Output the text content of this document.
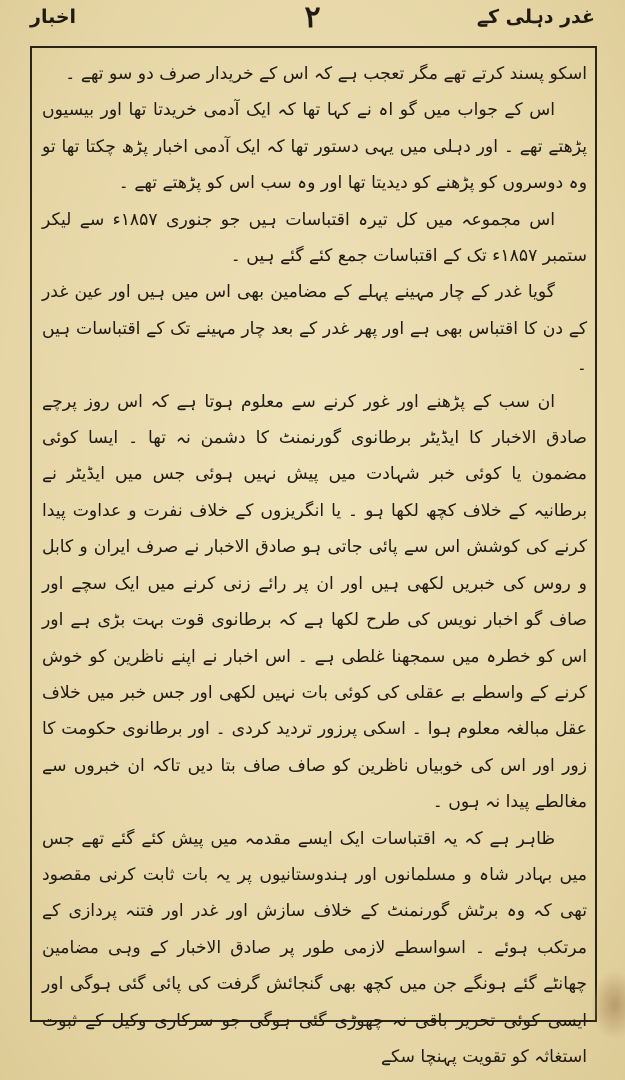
غدر دہلی کے
۲
اخبار

اسکو پسند کرتے تھے مگر تعجب ہے کہ اس کے خریدار صرف دو سو تھے ۔

اس کے جواب میں گو اہ نے کہا تھا کہ ایک آدمی خریدتا تھا اور بیسیوں پڑھتے تھے ۔ اور دہلی میں یہی دستور تھا کہ ایک آدمی اخبار پڑھ چکتا تھا تو وہ دوسروں کو پڑھنے کو دیدیتا تھا اور وہ سب اس کو پڑھتے تھے ۔

اس مجموعہ میں کل تیرہ اقتباسات ہیں جو جنوری ۱۸۵۷ء سے لیکر ستمبر ۱۸۵۷ء تک کے اقتباسات جمع کئے گئے ہیں ۔

گویا غدر کے چار مہینے پہلے کے مضامین بھی اس میں ہیں اور عین غدر کے دن کا اقتباس بھی ہے اور پھر غدر کے بعد چار مہینے تک کے اقتباسات ہیں ۔

ان سب کے پڑھنے اور غور کرنے سے معلوم ہوتا ہے کہ اس روز پرچے صادق الاخبار کا ایڈیٹر برطانوی گورنمنٹ کا دشمن نہ تھا ۔ ایسا کوئی مضمون یا کوئی خبر شہادت میں پیش نہیں ہوئی جس میں ایڈیٹر نے برطانیہ کے خلاف کچھ لکھا ہو ۔ یا انگریزوں کے خلاف نفرت و عداوت پیدا کرنے کی کوشش اس سے پائی جاتی ہو صادق الاخبار نے صرف ایران و کابل و روس کی خبریں لکھی ہیں اور ان پر رائے زنی کرنے میں ایک سچے اور صاف گو اخبار نویس کی طرح لکھا ہے کہ برطانوی قوت بہت بڑی ہے اور اس کو خطرہ میں سمجھنا غلطی ہے ۔ اس اخبار نے اپنے ناظرین کو خوش کرنے کے واسطے بے عقلی کی کوئی بات نہیں لکھی اور جس خبر میں خلاف عقل مبالغہ معلوم ہوا ۔ اسکی پرزور تردید کردی ۔ اور برطانوی حکومت کا زور اور اس کی خوبیاں ناظرین کو صاف صاف بتا دیں تاکہ ان خبروں سے مغالطے پیدا نہ ہوں ۔

ظاہر ہے کہ یہ اقتباسات ایک ایسے مقدمہ میں پیش کئے گئے تھے جس میں بہادر شاہ و مسلمانوں اور ہندوستانیوں پر یہ بات ثابت کرنی مقصود تھی کہ وہ برٹش گورنمنٹ کے خلاف سازش اور غدر اور فتنہ پردازی کے مرتکب ہوئے ۔ اسواسطے لازمی طور پر صادق الاخبار کے وہی مضامین چھانٹے گئے ہونگے جن میں کچھ بھی گنجائش گرفت کی پائی گئی ہوگی اور ایسی کوئی تحریر باقی نہ چھوڑی گئی ہوگی جو سرکاری وکیل کے ثبوت استغاثہ کو تقویت پہنچا سکے
